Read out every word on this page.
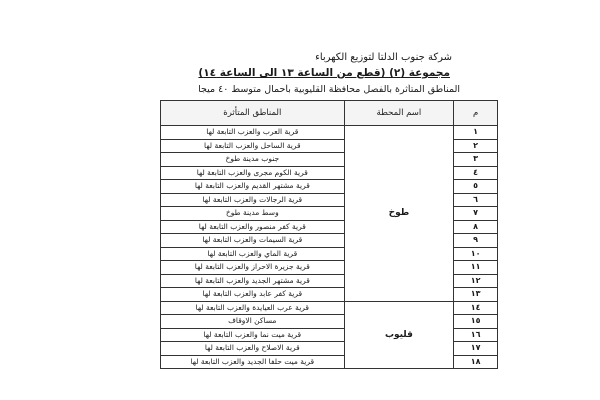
شركة جنوب الدلتا لتوزيع الكهرباء
مجموعة (٢) (قطع من الساعة ١٣ الى الساعة ١٤)
المناطق المتأثرة بالفصل محافظة القليوبية بأحمال متوسط ٤٠ ميجا
م	اسم المحطة	المناطق المتأثرة
١	طوخ	قرية العرب والعزب التابعة لها
٢		قرية الساحل والعزب التابعة لها
٣		جنوب مدينة طوخ
٤		قرية الكوم مجرى والعزب التابعة لها
٥		قرية مشتهر القديم والعزب التابعة لها
٦		قرية الرجالات والعزب التابعة لها
٧		وسط مدينة طوخ
٨		قرية كفر منصور والعزب التابعة لها
٩		قرية السيمات والعزب التابعة لها
١٠		قرية الماي والعزب التابعة لها
١١		قرية جزيرة الاحراز والعزب التابعة لها
١٢		قرية مشتهر الجديد والعزب التابعة لها
١٣		قرية كفر عابد والعزب التابعة لها
١٤	قليوب	قرية عرب العيايدة والعزب التابعة لها
١٥		مساكن الاوقاف
١٦		قرية ميت نما والعزب التابعة لها
١٧		قرية الاصلاح والعزب التابعة لها
١٨		قرية ميت حلفا الجديد والعزب التابعة لها
